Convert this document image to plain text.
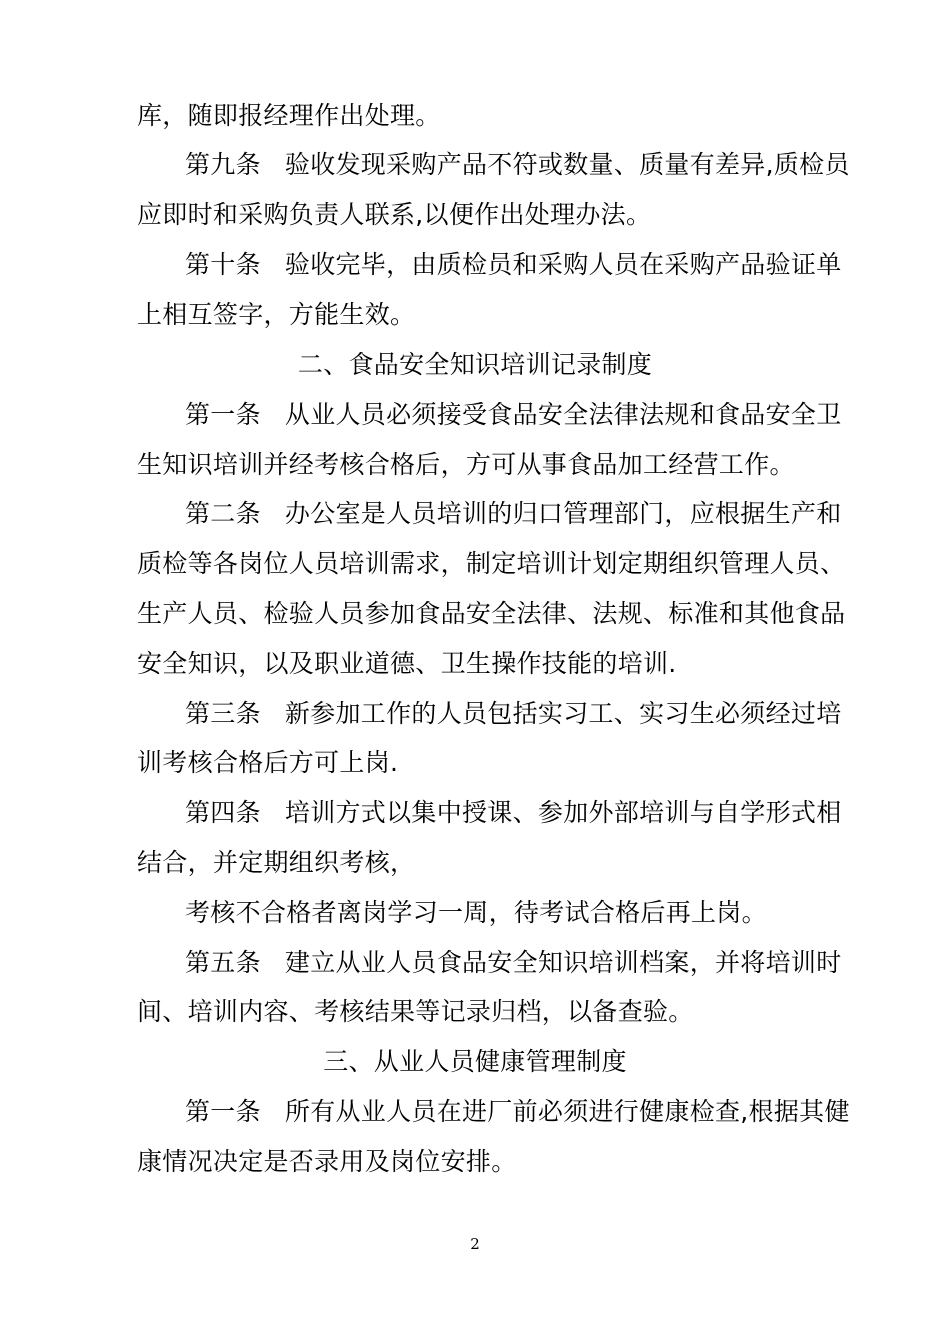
库，随即报经理作出处理。
第九条 验收发现采购产品不符或数量、质量有差异,质检员
应即时和采购负责人联系,以便作出处理办法。
第十条 验收完毕，由质检员和采购人员在采购产品验证单
上相互签字，方能生效。
二、食品安全知识培训记录制度
第一条 从业人员必须接受食品安全法律法规和食品安全卫
生知识培训并经考核合格后，方可从事食品加工经营工作。
第二条 办公室是人员培训的归口管理部门，应根据生产和
质检等各岗位人员培训需求，制定培训计划定期组织管理人员、
生产人员、检验人员参加食品安全法律、法规、标准和其他食品
安全知识，以及职业道德、卫生操作技能的培训.
第三条 新参加工作的人员包括实习工、实习生必须经过培
训考核合格后方可上岗.
第四条 培训方式以集中授课、参加外部培训与自学形式相
结合，并定期组织考核，
考核不合格者离岗学习一周，待考试合格后再上岗。
第五条 建立从业人员食品安全知识培训档案，并将培训时
间、培训内容、考核结果等记录归档，以备查验。
三、从业人员健康管理制度
第一条 所有从业人员在进厂前必须进行健康检查,根据其健
康情况决定是否录用及岗位安排。
2
